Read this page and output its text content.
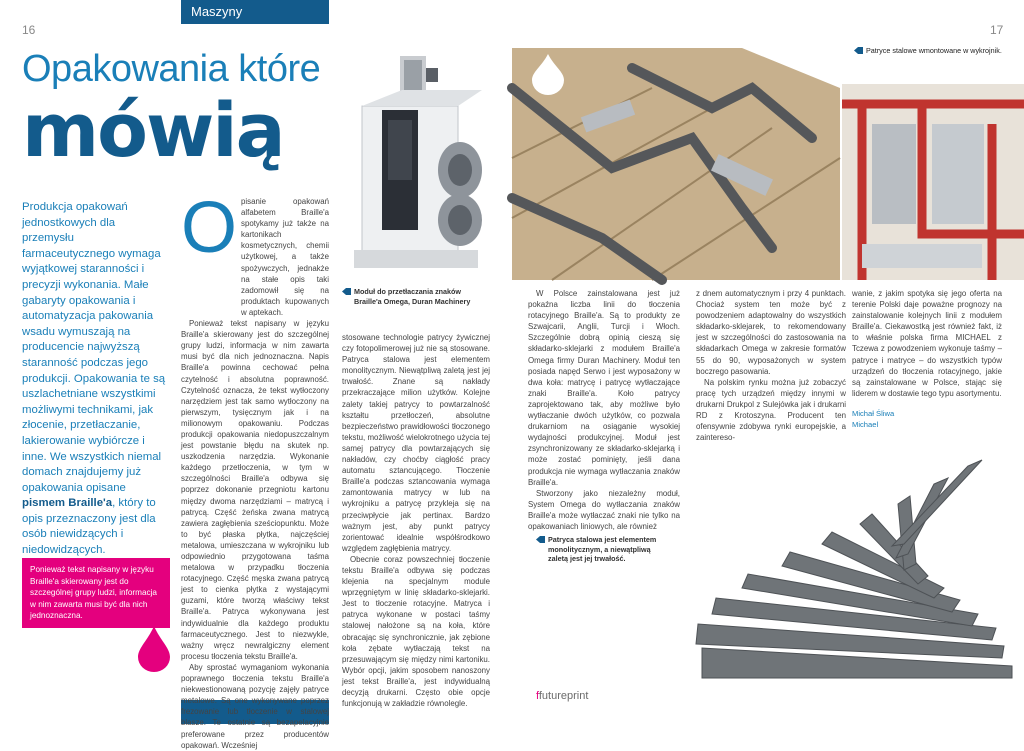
Maszyny
16
Opakowania które
mówią
Produkcja opakowań jednostkowych dla przemysłu farmaceutycznego wymaga wyjątkowej staranności i precyzji wykonania. Małe gabaryty opakowania i automatyzacja pakowania wsadu wymuszają na producencie najwyższą staranność podczas jego produkcji. Opakowania te są uszlachetniane wszystkimi możliwymi technikami, jak złocenie, przetłaczanie, lakierowanie wybiórcze i inne. We wszystkich niemal domach znajdujemy już opakowania opisane pismem Braille'a, który to opis przeznaczony jest dla osób niewidzących i niedowidzących.
Ponieważ tekst napisany w języku Braille'a skierowany jest do szczególnej grupy ludzi, informacja w nim zawarta musi być dla nich jednoznaczna.
O pisanie opakowań alfabetem Braille'a spotykamy już także na kartonikach kosmetycznych, chemii użytkowej, a także spożywczych, jednakże na stałe opis taki zadomowił się na produktach kupowanych w aptekach.

Ponieważ tekst napisany w języku Braille'a skierowany jest do szczególnej grupy ludzi, informacja w nim zawarta musi być dla nich jednoznaczna. Napis Braille'a powinna cechować pełna czytelność i absolutna poprawność. Czytelność oznacza, że tekst wytłoczony narzędziem jest tak samo wytłoczony na pierwszym, tysięcznym jak i na milionowym opakowaniu. Podczas produkcji opakowania niedopuszczalnym jest powstanie błędu na skutek np. uszkodzenia narzędzia. Wykonanie każdego przetłoczenia, w tym w szczególności Braille'a odbywa się poprzez dokonanie przegniotu kartonu między dwoma narzędziami – matrycą i patrycą. Część żeńska zwana matrycą zawiera zagłębienia sześciopunktu. Może to być płaska płytka, najczęściej metalowa, umieszczana w wykrojniku lub odpowiednio przygotowana taśma metalowa w przypadku tłoczenia rotacyjnego. Część męska zwana patrycą jest to cienka płytka z wystającymi guzami, które tworzą właściwy tekst Braille'a. Patryca wykonywana jest indywidualnie dla każdego produktu farmaceutycznego. Jest to niezwykle, ważny wręcz newralgiczny element procesu tłoczenia tekstu Braille'a.

Aby sprostać wymaganiom wykonania poprawnego tłoczenia tekstu Braille'a niekwestionowaną pozycję zajęły patryce metalowe. Są one wykonywane poprzez frezowanie lub tłoczenie w stalowej blasze. Te ostatnie są bezapelacyjnie preferowane przez producentów opakowań. Wcześniej

Moduł do przetłaczania znaków Braille'a Omega, Duran Machinery

stosowane technologie patrycy żywicznej czy fotopolimerowej już nie są stosowane. Patryca stalowa jest elementem monolitycznym. Niewątpliwą zaletą jest jej trwałość. Znane są nakłady przekraczające milion użytków. Kolejne zalety takiej patrycy to powtarzalność kształtu przetłoczeń, absolutne bezpieczeństwo prawidłowości tłoczonego tekstu, możliwość wielokrotnego użycia tej samej patrycy dla powtarzających się nakładów, czy choćby ciągłość pracy automatu sztancującego. Tłoczenie Braille'a podczas sztancowania wymaga zamontowania matrycy w lub na wykrojniku a patrycę przykleja się na przeciwpłycie jak pertinax. Bardzo ważnym jest, aby punkt patrycy zorientować idealnie współśrodkowo względem zagłębienia matrycy.

Obecnie coraz powszechniej tłoczenie tekstu Braille'a odbywa się podczas klejenia na specjalnym module wprzęgniętym w linię składarko-sklejarki. Jest to tłoczenie rotacyjne. Matryca i patryca wykonane w postaci taśmy stalowej nałożone są na koła, które obracając się synchronicznie, jak zębione koła zębate wytłaczają tekst na przesuwającym się między nimi kartoniku. Wybór opcji, jakim sposobem nanoszony jest tekst Braille'a, jest indywidualną decyzją drukarni. Często obie opcje funkcjonują w zakładzie równolegle.

17
Patryce stalowe wmontowane w wykrojnik.

W Polsce zainstalowana jest już pokaźna liczba linii do tłoczenia rotacyjnego Braille'a. Są to produkty ze Szwajcarii, Anglii, Turcji i Włoch. Szczególnie dobrą opinią cieszą się składarko-sklejarki z modułem Braille'a Omega firmy Duran Machinery. Moduł ten posiada napęd Serwo i jest wyposażony w dwa koła: matrycę i patrycę wytłaczające znaki Braille'a. Koło patrycy zaprojektowano tak, aby możliwe było wytłaczanie dwóch użytków, co pozwala drukarniom na osiąganie wysokiej wydajności produkcyjnej. Moduł jest zsynchronizowany ze składarko-sklejarką i może zostać pominięty, jeśli dana produkcja nie wymaga wytłaczania znaków Braille'a.

Stworzony jako niezależny moduł, System Omega do wytłaczania znaków Braille'a może wytłaczać znaki nie tylko na opakowaniach liniowych, ale również

z dnem automatycznym i przy 4 punktach. Chociaż system ten może być z powodzeniem adaptowalny do wszystkich składarko-sklejarek, to rekomendowany jest w szczególności do zastosowania na składarkach Omega w zakresie formatów 55 do 90, wyposażonych w system boczrego pasowania.

Na polskim rynku można już zobaczyć pracę tych urządzeń między innymi w drukarni Drukpol z Sulejówka jak i drukarni RD z Krotoszyna. Producent ten ofensywnie zdobywa rynki europejskie, a zaintereso-

wanie, z jakim spotyka się jego oferta na terenie Polski daje poważne prognozy na zainstalowanie kolejnych linii z modułem Braille'a. Ciekawostką jest również fakt, iż to właśnie polska firma MICHAEL z Tczewa z powodzeniem wykonuje taśmy – patryce i matryce – do wszystkich typów urządzeń do tłoczenia rotacyjnego, jakie są zainstalowane w Polsce, stając się liderem w dostawie tego typu asortymentu.

Michał Śliwa
Michael
Patryca stalowa jest elementem monolitycznym, a niewątpliwą zaletą jest jej trwałość.
ffutureprint
